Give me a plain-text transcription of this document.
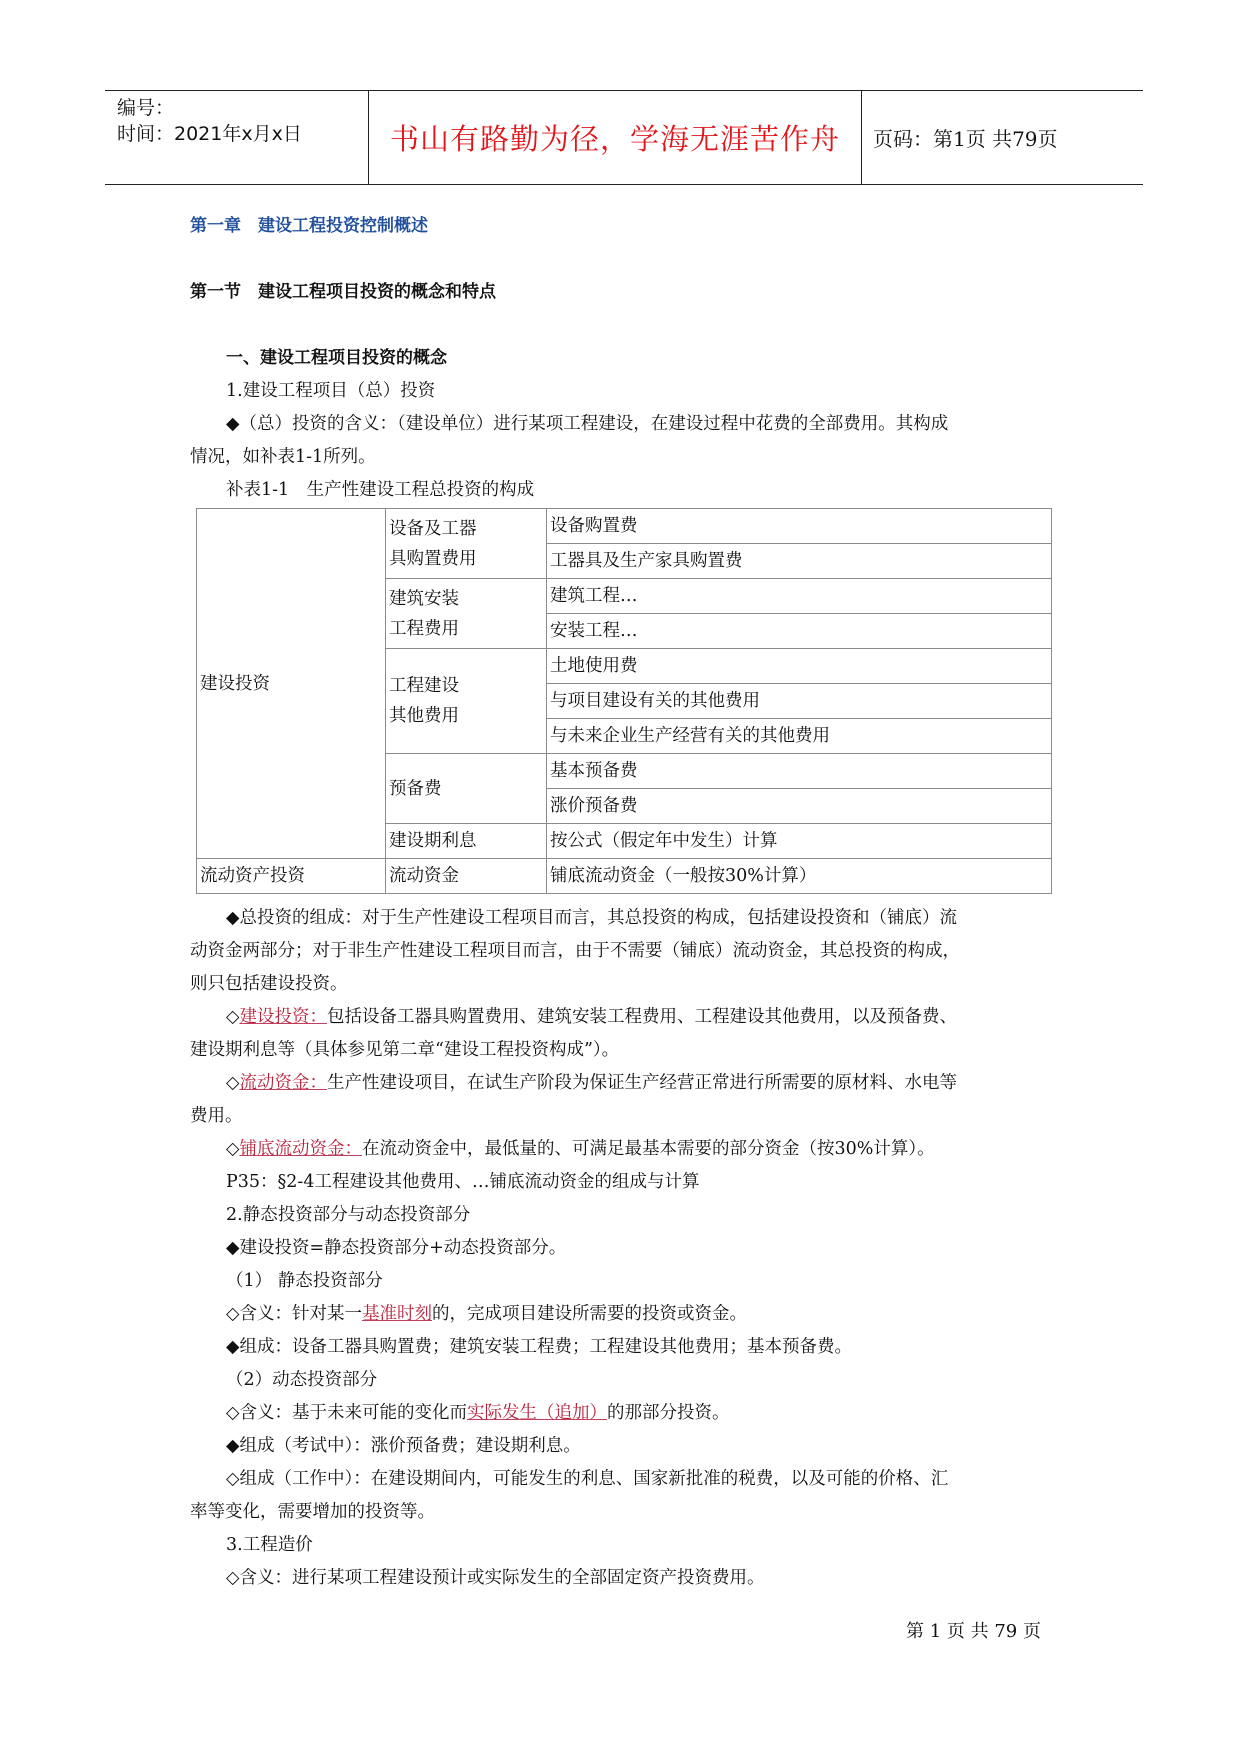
编号：
时间：2021年x月x日	书山有路勤为径，学海无涯苦作舟	页码：第1页 共79页
第一章　建设工程投资控制概述
第一节　建设工程项目投资的概念和特点
一、建设工程项目投资的概念
1.建设工程项目（总）投资
◆（总）投资的含义：（建设单位）进行某项工程建设，在建设过程中花费的全部费用。其构成
情况，如补表1-1所列。
补表1-1　生产性建设工程总投资的构成
建设投资	设备及工器
具购置费用	设备购置费
		工器具及生产家具购置费
	建筑安装
工程费用	建筑工程…
		安装工程…
	工程建设
其他费用	土地使用费
		与项目建设有关的其他费用
		与未来企业生产经营有关的其他费用
	预备费	基本预备费
		涨价预备费
	建设期利息	按公式（假定年中发生）计算
流动资产投资	流动资金	铺底流动资金（一般按30%计算）
◆总投资的组成：对于生产性建设工程项目而言，其总投资的构成，包括建设投资和（铺底）流
动资金两部分；对于非生产性建设工程项目而言，由于不需要（铺底）流动资金，其总投资的构成，
则只包括建设投资。
◇建设投资：包括设备工器具购置费用、建筑安装工程费用、工程建设其他费用，以及预备费、
建设期利息等（具体参见第二章“建设工程投资构成”）。
◇流动资金：生产性建设项目，在试生产阶段为保证生产经营正常进行所需要的原材料、水电等
费用。
◇铺底流动资金：在流动资金中，最低量的、可满足最基本需要的部分资金（按30%计算）。
P35：§2-4工程建设其他费用、…铺底流动资金的组成与计算
2.静态投资部分与动态投资部分
◆建设投资=静态投资部分+动态投资部分。
（1） 静态投资部分
◇含义：针对某一基准时刻的，完成项目建设所需要的投资或资金。
◆组成：设备工器具购置费；建筑安装工程费；工程建设其他费用；基本预备费。
（2）动态投资部分
◇含义：基于未来可能的变化而实际发生（追加）的那部分投资。
◆组成（考试中）：涨价预备费；建设期利息。
◇组成（工作中）：在建设期间内，可能发生的利息、国家新批准的税费，以及可能的价格、汇
率等变化，需要增加的投资等。
3.工程造价
◇含义：进行某项工程建设预计或实际发生的全部固定资产投资费用。
第 1 页 共 79 页
